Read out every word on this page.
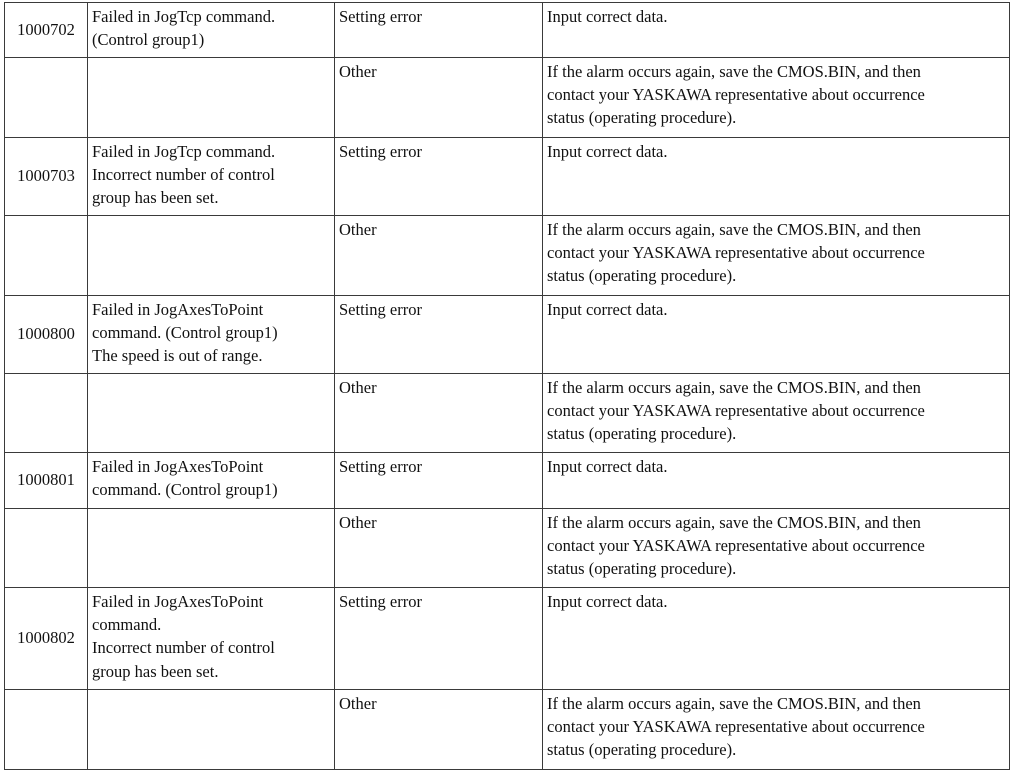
1000702	Failed in JogTcp command.
(Control group1)	Setting error	Input correct data.

		Other	If the alarm occurs again, save the CMOS.BIN, and then
contact your YASKAWA representative about occurrence
status (operating procedure).

1000703	Failed in JogTcp command.
Incorrect number of control
group has been set.	Setting error	Input correct data.

		Other	If the alarm occurs again, save the CMOS.BIN, and then
contact your YASKAWA representative about occurrence
status (operating procedure).

1000800	Failed in JogAxesToPoint
command. (Control group1)
The speed is out of range.	Setting error	Input correct data.

		Other	If the alarm occurs again, save the CMOS.BIN, and then
contact your YASKAWA representative about occurrence
status (operating procedure).

1000801	Failed in JogAxesToPoint
command. (Control group1)	Setting error	Input correct data.

		Other	If the alarm occurs again, save the CMOS.BIN, and then
contact your YASKAWA representative about occurrence
status (operating procedure).

1000802	Failed in JogAxesToPoint
command.
Incorrect number of control
group has been set.	Setting error	Input correct data.

		Other	If the alarm occurs again, save the CMOS.BIN, and then
contact your YASKAWA representative about occurrence
status (operating procedure).
